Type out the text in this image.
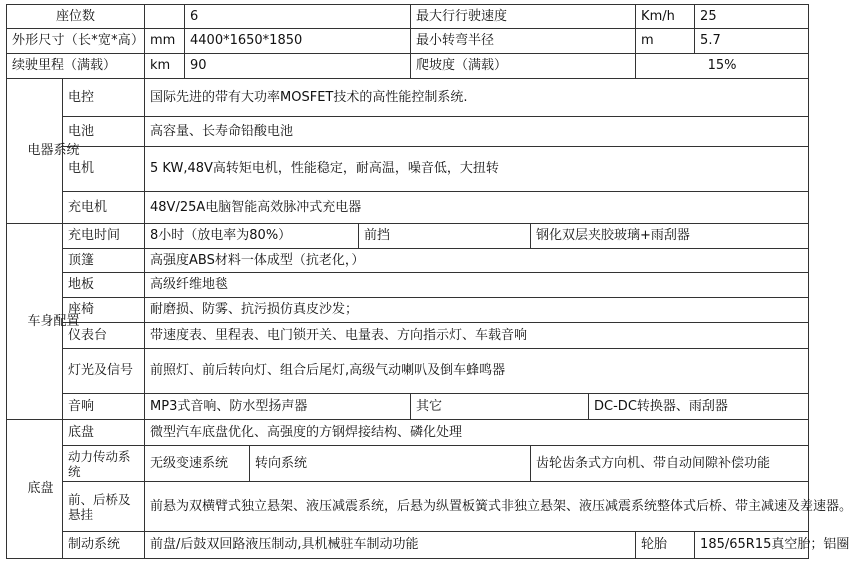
座位数			6			最大行行驶速度			Km/h	25
外形尺寸（长*宽*高）		mm	4400*1650*1850			最小转弯半径			m	5.7
续驶里程（满载）		km	90			爬坡度（满载）			15%	

电器系统	电控	国际先进的带有大功率MOSFET技术的高性能控制系统.								
	电池	高容量、长寿命铅酸电池								
	电机	5 KW,48V高转矩电机，性能稳定，耐高温，噪音低，大扭转								
	充电机	48V/25A电脑智能高效脉冲式充电器								

车身配置	充电时间	8小时（放电率为80%）			前挡		钢化双层夹胶玻璃+雨刮器			
	顶篷	高强度ABS材料一体成型（抗老化，）								
	地板	高级纤维地毯								
	座椅	耐磨损、防雾、抗污损仿真皮沙发；								
	仪表台	带速度表、里程表、电门锁开关、电量表、方向指示灯、车载音响								
	灯光及信号	前照灯、前后转向灯、组合后尾灯,高级气动喇叭及倒车蜂鸣器								
	音响	MP3式音响、防水型扬声器				其它		DC-DC转换器、雨刮器		

底盘	底盘	微型汽车底盘优化、高强度的方钢焊接结构、磷化处理								
	动力传动系统	无级变速系统		转向系统			齿轮齿条式方向机、带自动间隙补偿功能			
	前、后桥及悬挂	前悬为双横臂式独立悬架、液压减震系统，后悬为纵置板簧式非独立悬架、液压减震系统整体式后桥、带主减速及差速器。								
	制动系统	前盘/后鼓双回路液压制动,具机械驻车制动功能							轮胎	185/65R15真空胎；铝圈
